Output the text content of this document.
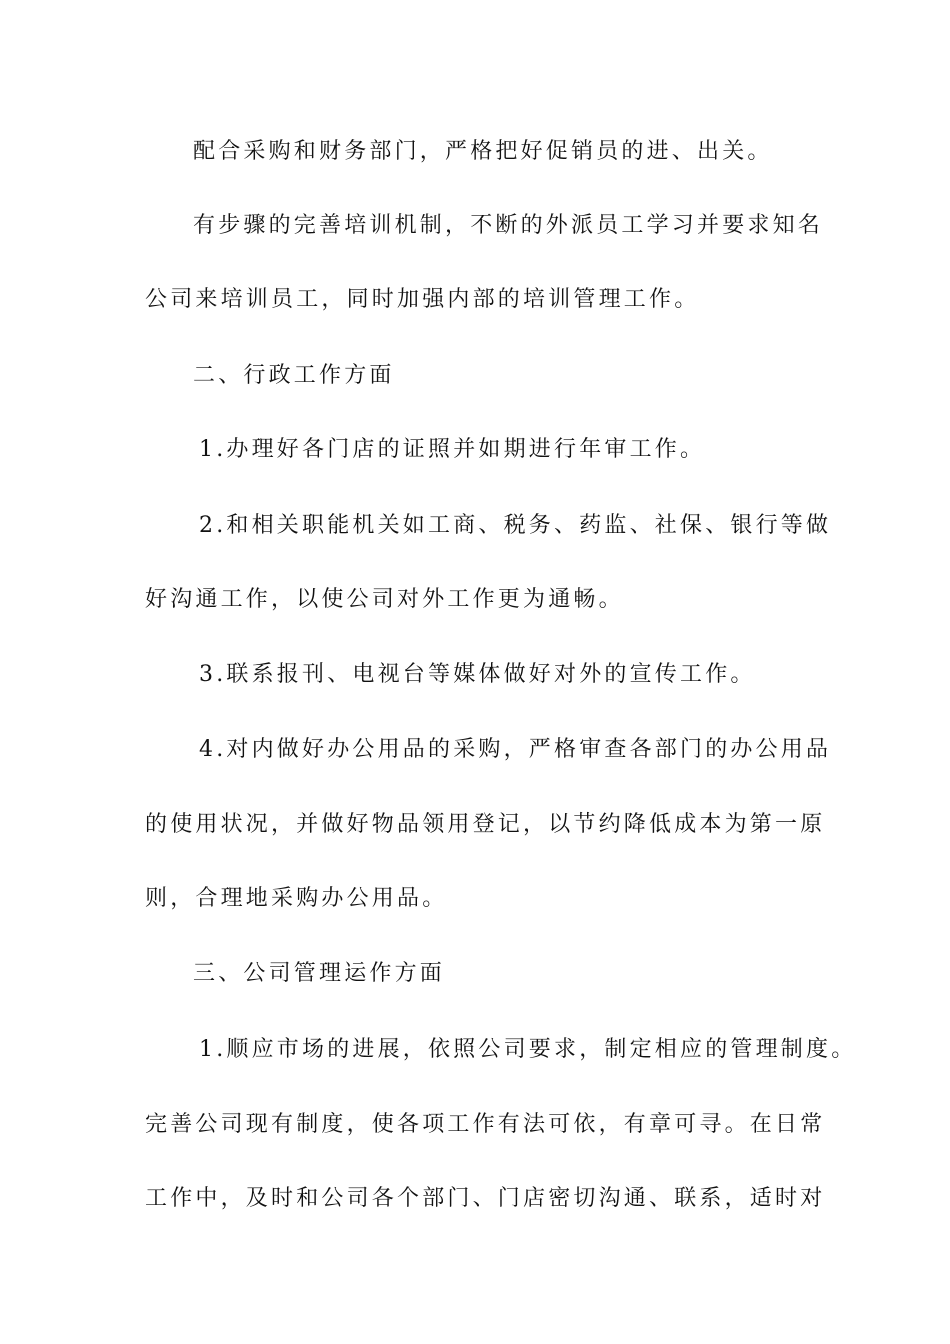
配合采购和财务部门，严格把好促销员的进、出关。

有步骤的完善培训机制，不断的外派员工学习并要求知名

公司来培训员工，同时加强内部的培训管理工作。

二、行政工作方面

1.办理好各门店的证照并如期进行年审工作。

2.和相关职能机关如工商、税务、药监、社保、银行等做

好沟通工作，以使公司对外工作更为通畅。

3.联系报刊、电视台等媒体做好对外的宣传工作。

4.对内做好办公用品的采购，严格审查各部门的办公用品

的使用状况，并做好物品领用登记，以节约降低成本为第一原

则，合理地采购办公用品。

三、公司管理运作方面

1.顺应市场的进展，依照公司要求，制定相应的管理制度。

完善公司现有制度，使各项工作有法可依，有章可寻。在日常

工作中，及时和公司各个部门、门店密切沟通、联系，适时对
